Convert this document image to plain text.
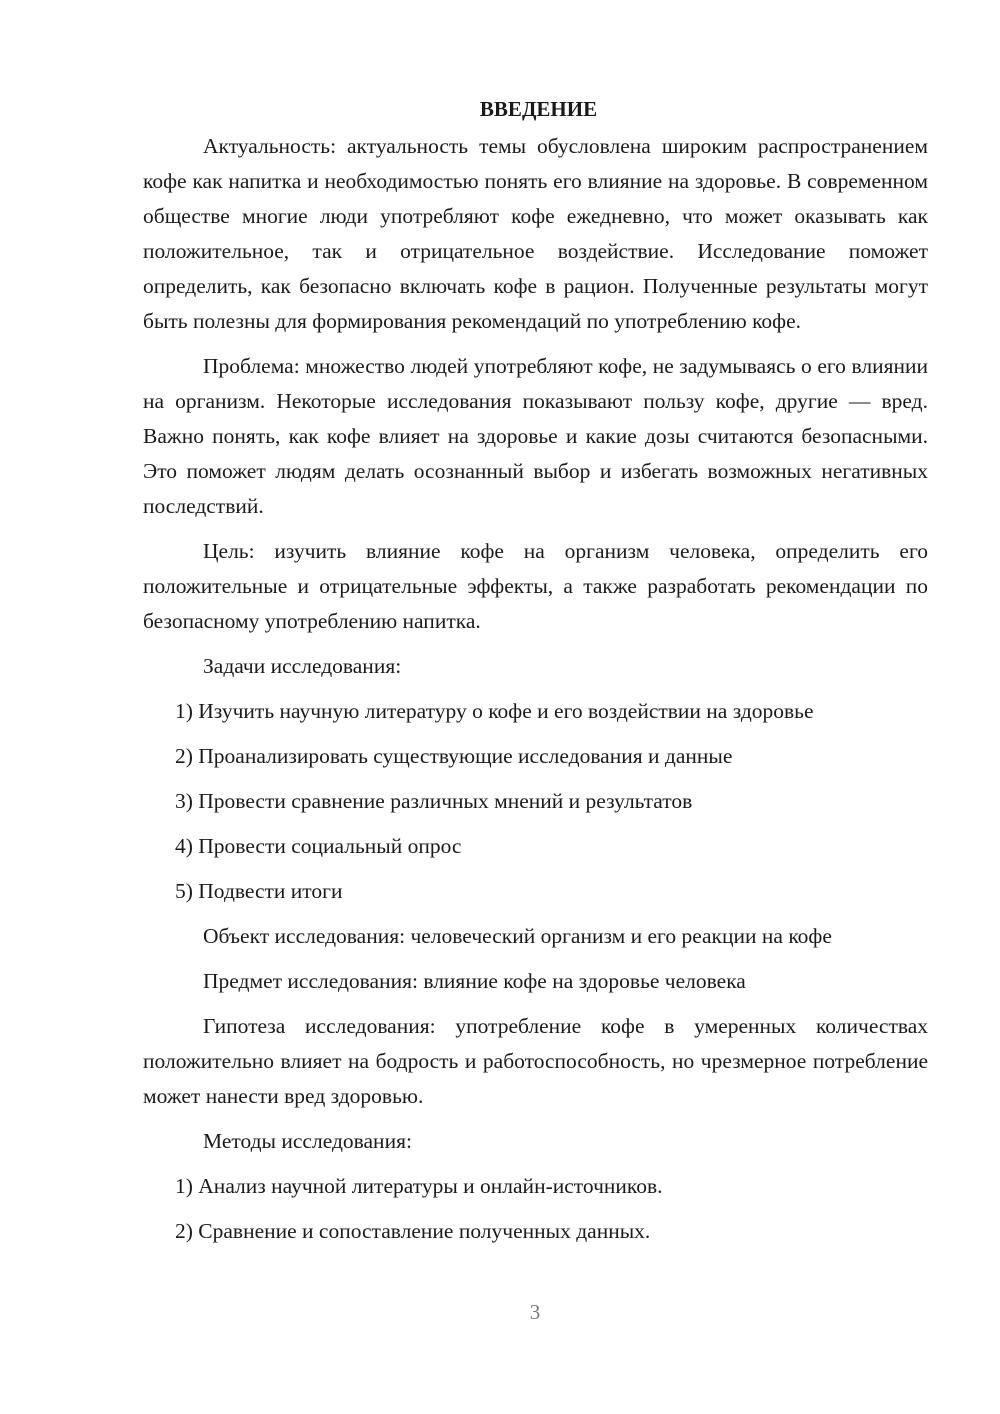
ВВЕДЕНИЕ

Актуальность: актуальность темы обусловлена широким распространением кофе как напитка и необходимостью понять его влияние на здоровье. В современном обществе многие люди употребляют кофе ежедневно, что может оказывать как положительное, так и отрицательное воздействие. Исследование поможет определить, как безопасно включать кофе в рацион. Полученные результаты могут быть полезны для формирования рекомендаций по употреблению кофе.

Проблема: множество людей употребляют кофе, не задумываясь о его влиянии на организм. Некоторые исследования показывают пользу кофе, другие — вред. Важно понять, как кофе влияет на здоровье и какие дозы считаются безопасными. Это поможет людям делать осознанный выбор и избегать возможных негативных последствий.

Цель: изучить влияние кофе на организм человека, определить его положительные и отрицательные эффекты, а также разработать рекомендации по безопасному употреблению напитка.

Задачи исследования:

1) Изучить научную литературу о кофе и его воздействии на здоровье
2) Проанализировать существующие исследования и данные
3) Провести сравнение различных мнений и результатов
4) Провести социальный опрос
5) Подвести итоги

Объект исследования: человеческий организм и его реакции на кофе

Предмет исследования: влияние кофе на здоровье человека

Гипотеза исследования: употребление кофе в умеренных количествах положительно влияет на бодрость и работоспособность, но чрезмерное потребление может нанести вред здоровью.

Методы исследования:

1) Анализ научной литературы и онлайн-источников.
2) Сравнение и сопоставление полученных данных.
3
